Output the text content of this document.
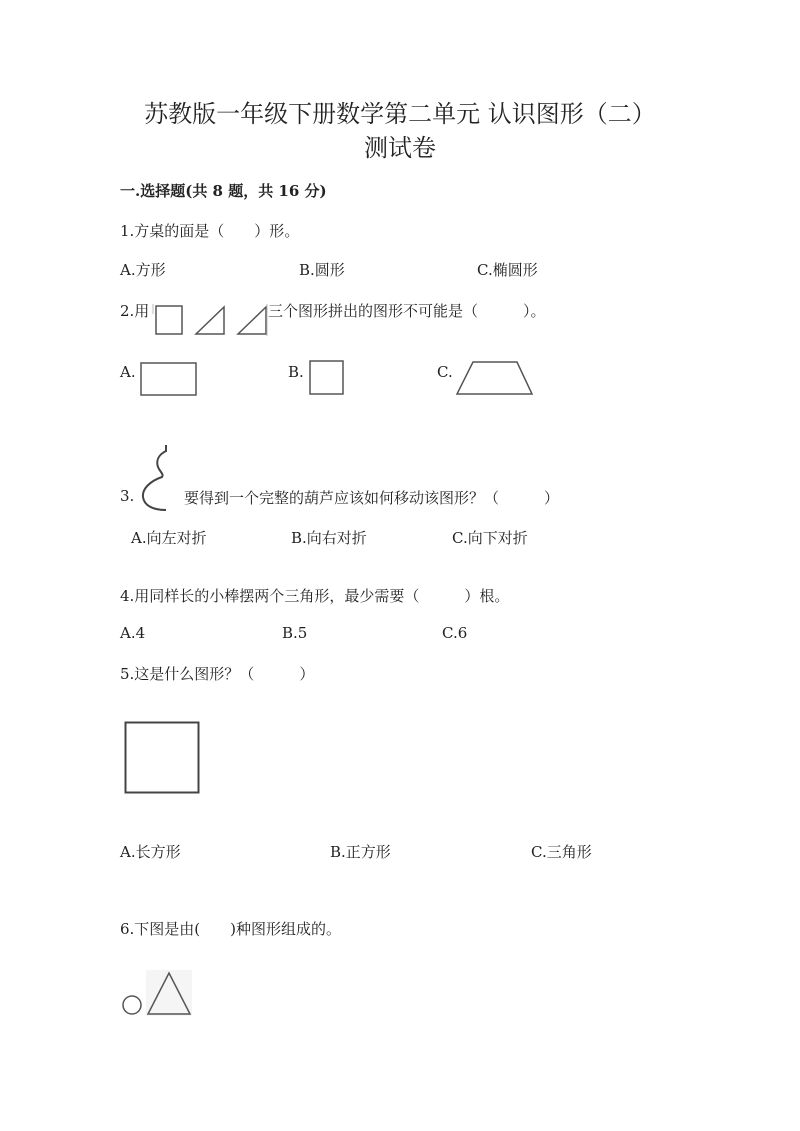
苏教版一年级下册数学第二单元 认识图形（二）
测试卷
一.选择题(共 8 题，共 16 分)
1.方桌的面是（　　）形。
A.方形	B.圆形	C.椭圆形
2.用	三个图形拼出的图形不可能是（　　　）。
A.	B.	C.
3.	要得到一个完整的葫芦应该如何移动该图形？（　　　）
A.向左对折	B.向右对折	C.向下对折
4.用同样长的小棒摆两个三角形，最少需要（　　　）根。
A.4	B.5	C.6
5.这是什么图形？（　　　）
A.长方形	B.正方形	C.三角形
6.下图是由(　　)种图形组成的。
